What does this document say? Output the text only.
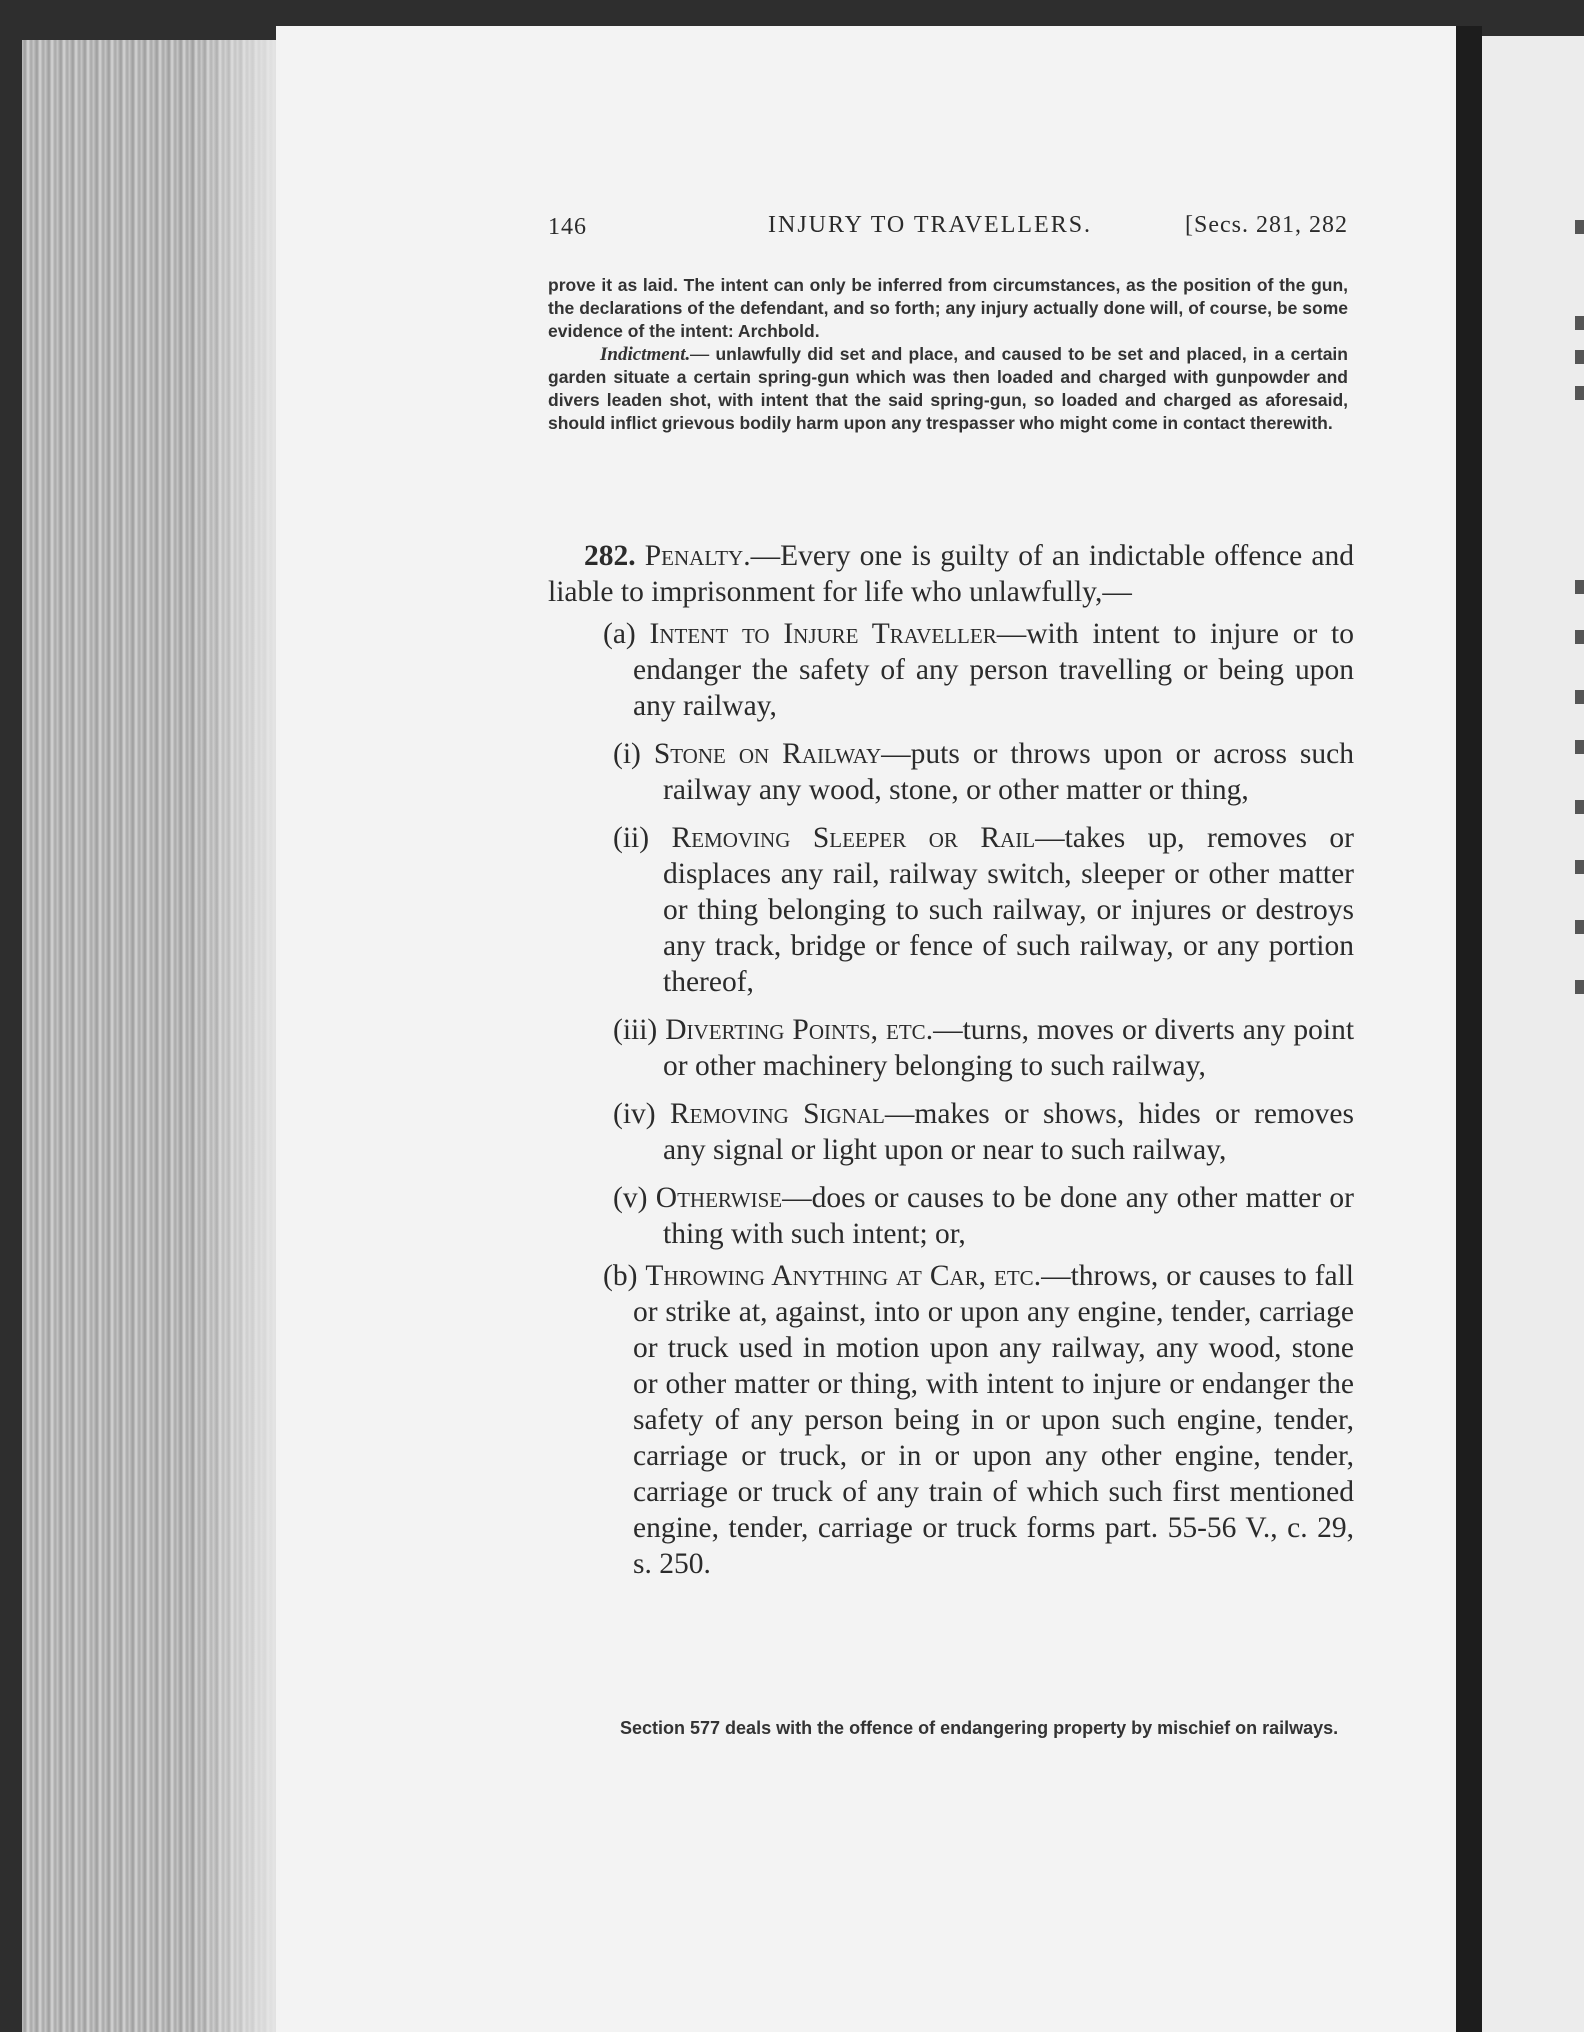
146	INJURY TO TRAVELLERS.	[Secs. 281, 282

prove it as laid. The intent can only be inferred from circumstances, as the position of the gun, the declarations of the defendant, and so forth; any injury actually done will, of course, be some evidence of the intent: Archbold.

Indictment.— unlawfully did set and place, and caused to be set and placed, in a certain garden situate a certain spring-gun which was then loaded and charged with gunpowder and divers leaden shot, with intent that the said spring-gun, so loaded and charged as aforesaid, should inflict grievous bodily harm upon any trespasser who might come in contact therewith.

282. Penalty.—Every one is guilty of an indictable offence and liable to imprisonment for life who unlawfully,—

(a) Intent to Injure Traveller—with intent to injure or to endanger the safety of any person travelling or being upon any railway,

(i) Stone on Railway—puts or throws upon or across such railway any wood, stone, or other matter or thing,

(ii) Removing Sleeper or Rail—takes up, removes or displaces any rail, railway switch, sleeper or other matter or thing belonging to such railway, or injures or destroys any track, bridge or fence of such railway, or any portion thereof,

(iii) Diverting Points, etc.—turns, moves or diverts any point or other machinery belonging to such railway,

(iv) Removing Signal—makes or shows, hides or removes any signal or light upon or near to such railway,

(v) Otherwise—does or causes to be done any other matter or thing with such intent; or,

(b) Throwing Anything at Car, etc.—throws, or causes to fall or strike at, against, into or upon any engine, tender, carriage or truck used in motion upon any railway, any wood, stone or other matter or thing, with intent to injure or endanger the safety of any person being in or upon such engine, tender, carriage or truck, or in or upon any other engine, tender, carriage or truck of any train of which such first mentioned engine, tender, carriage or truck forms part. 55-56 V., c. 29, s. 250.

Section 577 deals with the offence of endangering property by mischief on railways.
